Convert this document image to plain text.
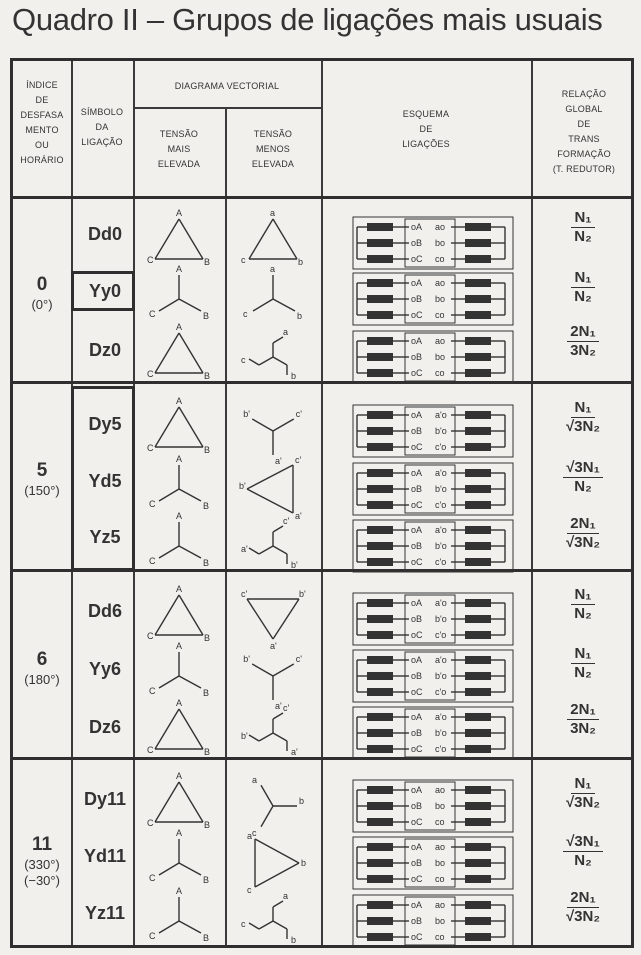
Quadro II – Grupos de ligações mais usuais
ÍNDICE
DE
DESFASA
MENTO
OU
HORÁRIO
SÍMBOLO
DA
LIGAÇÃO
DIAGRAMA VECTORIAL
TENSÃO
MAIS
ELEVADA
TENSÃO
MENOS
ELEVADA
ESQUEMA
DE
LIGAÇÕES
RELAÇÃO
GLOBAL
DE
TRANS
FORMAÇÃO
(T. REDUTOR)
0
(0°)
5
(150°)
6
(180°)
11
(330°)
(−30°)
Dd0
Yy0
Dz0
Dy5
Yd5
Yz5
Dd6
Yy6
Dz6
Dy11
Yd11
Yz11
$\frac{\text{N₁}}{\text{N₂}}$
$\frac{\text{N₁}}{\text{N₂}}$
$\frac{\text{2N₁}}{\text{3N₂}}$
$\frac{\text{N₁}}{\text{√3N₂}}$
$\frac{\text{√3N₁}}{\text{N₂}}$
$\frac{\text{2N₁}}{\text{√3N₂}}$
$\frac{\text{N₁}}{\text{N₂}}$
$\frac{\text{N₁}}{\text{N₂}}$
$\frac{\text{2N₁}}{\text{3N₂}}$
$\frac{\text{N₁}}{\text{√3N₂}}$
$\frac{\text{√3N₁}}{\text{N₂}}$
$\frac{\text{2N₁}}{\text{√3N₂}}$
A
B
C
a
b
c
A
B
C
a
b
c
A
B
C
a
b
c
A
B
C
a'
b'	c'
A
B
C
a'
b'
c'
A
B
C
c'
b'
a'
A
B
C
a'
b'
c'
A
B
C
a'
b'	c'
A
B
C
c'
a'
b'
A
B
C
a
b
c
A
B
C
a
b
c
A
B
C
a
b
c
oA ao
oB bo
oC co
oA ao
oB bo
oC co
oA ao
oB bo
oC co
oA a'o
oB b'o
oC c'o
oA a'o
oB b'o
oC c'o
oA a'o
oB b'o
oC c'o
oA a'o
oB b'o
oC c'o
oA a'o
oB b'o
oC c'o
oA a'o
oB b'o
oC c'o
oA ao
oB bo
oC co
oA ao
oB bo
oC co
oA ao
oB bo
oC co
